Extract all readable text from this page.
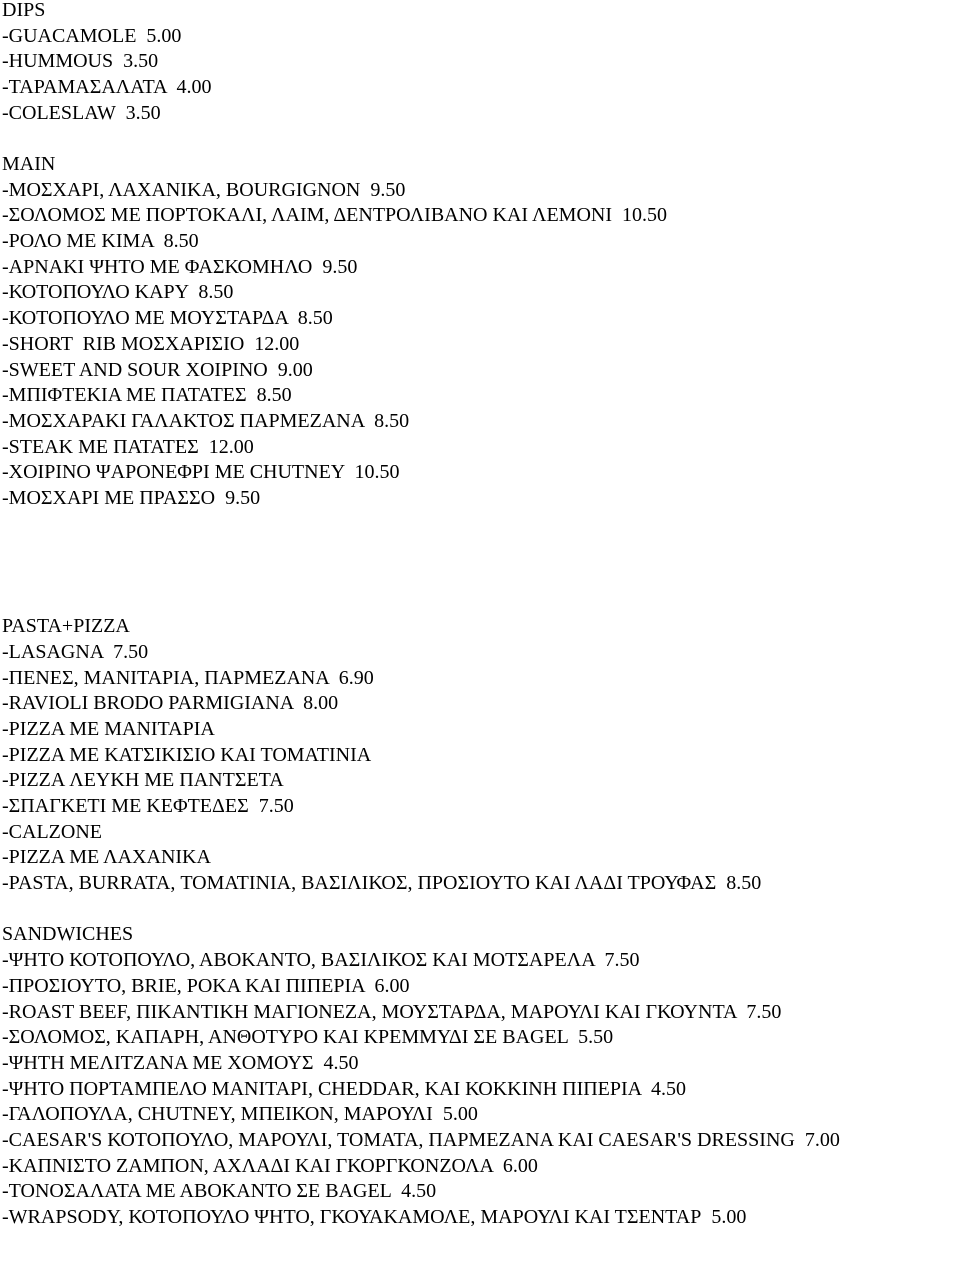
DIPS

-GUACAMOLE  5.00

-HUMMOUS  3.50

-ΤΑΡΑΜΑΣΑΛΑΤΑ  4.00

-COLESLAW  3.50

MAIN

-ΜΟΣΧΑΡΙ, ΛΑΧΑΝΙΚΑ, BOURGIGNON  9.50

-ΣΟΛΟΜΟΣ ΜΕ ΠΟΡΤΟΚΑΛΙ, ΛΑΙΜ, ΔΕΝΤΡΟΛΙΒΑΝΟ ΚΑΙ ΛΕΜΟΝΙ  10.50

-ΡΟΛΟ ΜΕ ΚΙΜΑ  8.50

-ΑΡΝΑΚΙ ΨΗΤΟ ΜΕ ΦΑΣΚΟΜΗΛΟ  9.50

-ΚΟΤΟΠΟΥΛΟ ΚΑΡΥ  8.50

-ΚΟΤΟΠΟΥΛΟ ΜΕ ΜΟΥΣΤΑΡΔΑ  8.50

-SHORT  RIB ΜΟΣΧΑΡΙΣΙΟ  12.00

-SWEET AND SOUR ΧΟΙΡΙΝΟ  9.00

-ΜΠΙΦΤΕΚΙΑ ΜΕ ΠΑΤΑΤΕΣ  8.50

-ΜΟΣΧΑΡΑΚΙ ΓΑΛΑΚΤΟΣ ΠΑΡΜΕΖΑΝΑ  8.50

-STEAK ΜΕ ΠΑΤΑΤΕΣ  12.00

-ΧΟΙΡΙΝΟ ΨΑΡΟΝΕΦΡΙ ΜΕ CHUTNEY  10.50

-ΜΟΣΧΑΡΙ ΜΕ ΠΡΑΣΣΟ  9.50

PASTA+PIZZA

-LASAGNA  7.50

-ΠΕΝΕΣ, ΜΑΝΙΤΑΡΙΑ, ΠΑΡΜΕΖΑΝΑ  6.90

-RAVIOLI BRODO PARMIGIANA  8.00

-PIZZA ΜΕ ΜΑΝΙΤΑΡΙΑ

-PIZZA ΜΕ ΚΑΤΣΙΚΙΣΙΟ ΚΑΙ ΤΟΜΑΤΙΝΙΑ

-PIZZA ΛΕΥΚΗ ΜΕ ΠΑΝΤΣΕΤΑ

-ΣΠΑΓΚΕΤΙ ΜΕ ΚΕΦΤΕΔΕΣ  7.50

-CALZONE

-PIZZA ΜΕ ΛΑΧΑΝΙΚΑ

-PASTA, BURRATA, ΤΟΜΑΤΙΝΙΑ, ΒΑΣΙΛΙΚΟΣ, ΠΡΟΣΙΟΥΤΟ ΚΑΙ ΛΑΔΙ ΤΡΟΥΦΑΣ  8.50

SANDWICHES

-ΨΗΤΟ ΚΟΤΟΠΟΥΛΟ, ΑΒΟΚΑΝΤΟ, ΒΑΣΙΛΙΚΟΣ ΚΑΙ ΜΟΤΣΑΡΕΛΑ  7.50

-ΠΡΟΣΙΟΥΤΟ, BRIE, ΡΟΚΑ ΚΑΙ ΠΙΠΕΡΙΑ  6.00

-ROAST BEEF, ΠΙΚΑΝΤΙΚΗ ΜΑΓΙΟΝΕΖΑ, ΜΟΥΣΤΑΡΔΑ, ΜΑΡΟΥΛΙ ΚΑΙ ΓΚΟΥΝΤΑ  7.50

-ΣΟΛΟΜΟΣ, ΚΑΠΑΡΗ, ΑΝΘΟΤΥΡΟ ΚΑΙ ΚΡΕΜΜΥΔΙ ΣΕ BAGEL  5.50

-ΨΗΤΗ ΜΕΛΙΤΖΑΝΑ ΜΕ ΧΟΜΟΥΣ  4.50

-ΨΗΤΟ ΠΟΡΤΑΜΠΕΛΟ ΜΑΝΙΤΑΡΙ, CHEDDAR, ΚΑΙ ΚΟΚΚΙΝΗ ΠΙΠΕΡΙΑ  4.50

-ΓΑΛΟΠΟΥΛΑ, CHUTNEY, ΜΠΕΙΚΟΝ, ΜΑΡΟΥΛΙ  5.00

-CAESAR'S ΚΟΤΟΠΟΥΛΟ, ΜΑΡΟΥΛΙ, ΤΟΜΑΤΑ, ΠΑΡΜΕΖΑΝΑ ΚΑΙ CAESAR'S DRESSING  7.00

-ΚΑΠΝΙΣΤΟ ΖΑΜΠΟΝ, ΑΧΛΑΔΙ ΚΑΙ ΓΚΟΡΓΚΟΝΖΟΛΑ  6.00

-ΤΟΝΟΣΑΛΑΤΑ ΜΕ ΑΒΟΚΑΝΤΟ ΣΕ BAGEL  4.50

-WRAPSODY, ΚΟΤΟΠΟΥΛΟ ΨΗΤΟ, ΓΚΟΥΑΚΑΜΟΛΕ, ΜΑΡΟΥΛΙ ΚΑΙ ΤΣΕΝΤΑΡ  5.00
